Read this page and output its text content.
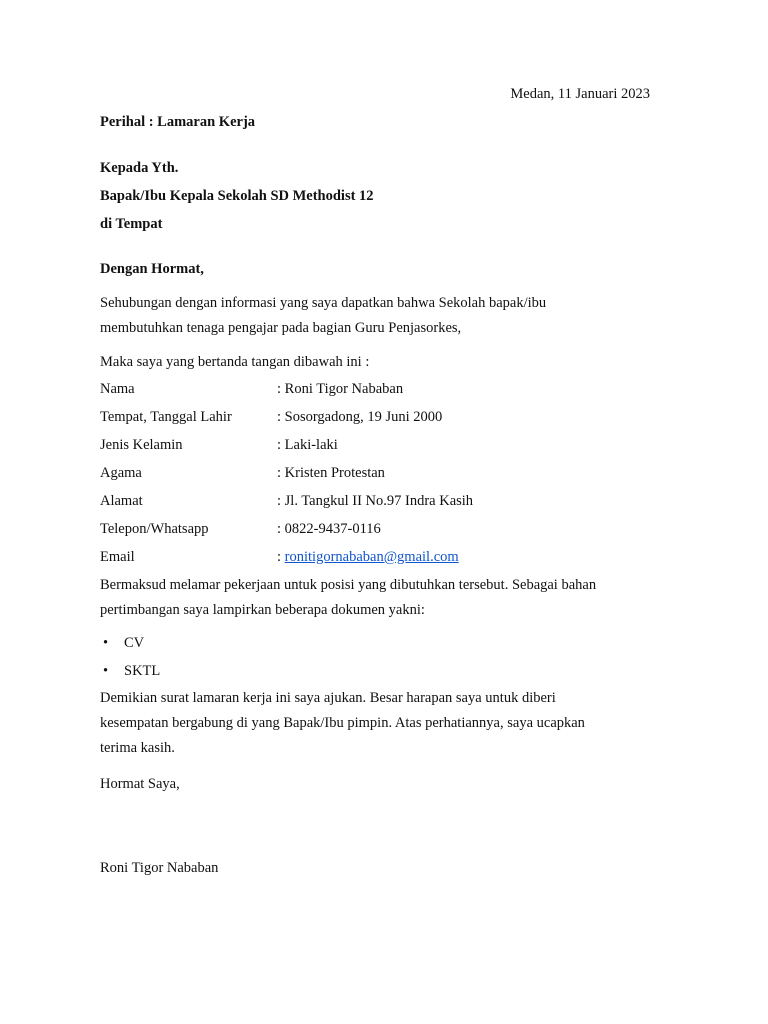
Medan, 11 Januari 2023
Perihal : Lamaran Kerja
Kepada Yth.
Bapak/Ibu Kepala Sekolah SD Methodist 12
di Tempat
Dengan Hormat,
Sehubungan dengan informasi yang saya dapatkan bahwa Sekolah bapak/ibu membutuhkan tenaga pengajar pada bagian Guru Penjasorkes,
Maka saya yang bertanda tangan dibawah ini :
Nama	: Roni Tigor Nababan
Tempat, Tanggal Lahir	: Sosorgadong, 19 Juni 2000
Jenis Kelamin	: Laki-laki
Agama	: Kristen Protestan
Alamat	: Jl. Tangkul II No.97 Indra Kasih
Telepon/Whatsapp	: 0822-9437-0116
Email	: ronitigornababan@gmail.com
Bermaksud melamar pekerjaan untuk posisi yang dibutuhkan tersebut. Sebagai bahan pertimbangan saya lampirkan beberapa dokumen yakni:
• CV
• SKTL
Demikian surat lamaran kerja ini saya ajukan. Besar harapan saya untuk diberi kesempatan bergabung di yang Bapak/Ibu pimpin. Atas perhatiannya, saya ucapkan terima kasih.
Hormat Saya,
Roni Tigor Nababan
